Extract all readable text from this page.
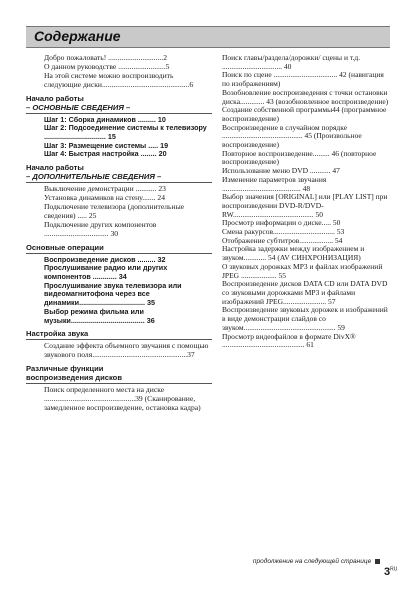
Содержание
Добро пожаловать! .............................2
О данном руководстве .........................5
На этой системе можно воспроизводить следующие диски..............................................6
Начало работы
– ОСНОВНЫЕ СВЕДЕНИЯ –
Шаг 1: Сборка динамиков ......... 10
Шаг 2: Подсоединение системы к телевизору ............................... 15
Шаг 3: Размещение системы ..... 19
Шаг 4: Быстрая настройка ........ 20
Начало работы
– ДОПОЛНИТЕЛЬНЫЕ СВЕДЕНИЯ –
Выключение демонстрации ........... 23
Установка динамиков на стену....... 24
Подключение телевизора (дополнительные сведения) ..... 25
Подключение других компонентов .................................. 30
Основные операции
Воспроизведение дисков ......... 32
Прослушивание радио или других компонентов ............ 34
Прослушивание звука телевизора или видеомагнитофона через все динамики................................. 35
Выбор режима фильма или музыки..................................... 36
Настройка звука
Создание эффекта объемного звучания с помощью звукового поля..................................................37
Различные функции
воспроизведения дисков
Поиск определенного места на диске ................................................39 (Сканирование, замедленное воспроизведение, остановка кадра)
Поиск главы/раздела/дорожки/ сцены и т.д. ................................ 40
Поиск по сцене .................................. 42 (навигация по изображениям)
Возобновление воспроизведения с точки остановки диска............. 43 (возобновленное воспроизведение)
Создание собственной программы44 (программное воспроизведение)
Воспроизведение в случайном порядке ........................................... 45 (Произвольное воспроизведение)
Повторное воспроизведение......... 46 (повторное воспроизведение)
Использование меню DVD ........... 47
Изменение параметров звучания .......................................... 48
Выбор значения [ORIGINAL] или [PLAY LIST] при воспроизведении DVD-R/DVD-RW........................................... 50
Просмотр информации о диске..... 50
Смена ракурсов................................. 53
Отображение субтитров.................. 54
Настройка задержки между изображением и звуком............ 54 (AV СИНХРОНИЗАЦИЯ)
О звуковых дорожках MP3 и файлах изображений JPEG ................... 55
Воспроизведение дисков DATA CD или DATA DVD со звуковыми дорожками MP3 и файлами изображений JPEG....................... 57
Воспроизведение звуковых дорожек и изображений в виде демонстрации слайдов со звуком................................................. 59
Просмотр видеофайлов в формате DivX® ............................................ 61
продолжение на следующей странице
$3^{RU}$
